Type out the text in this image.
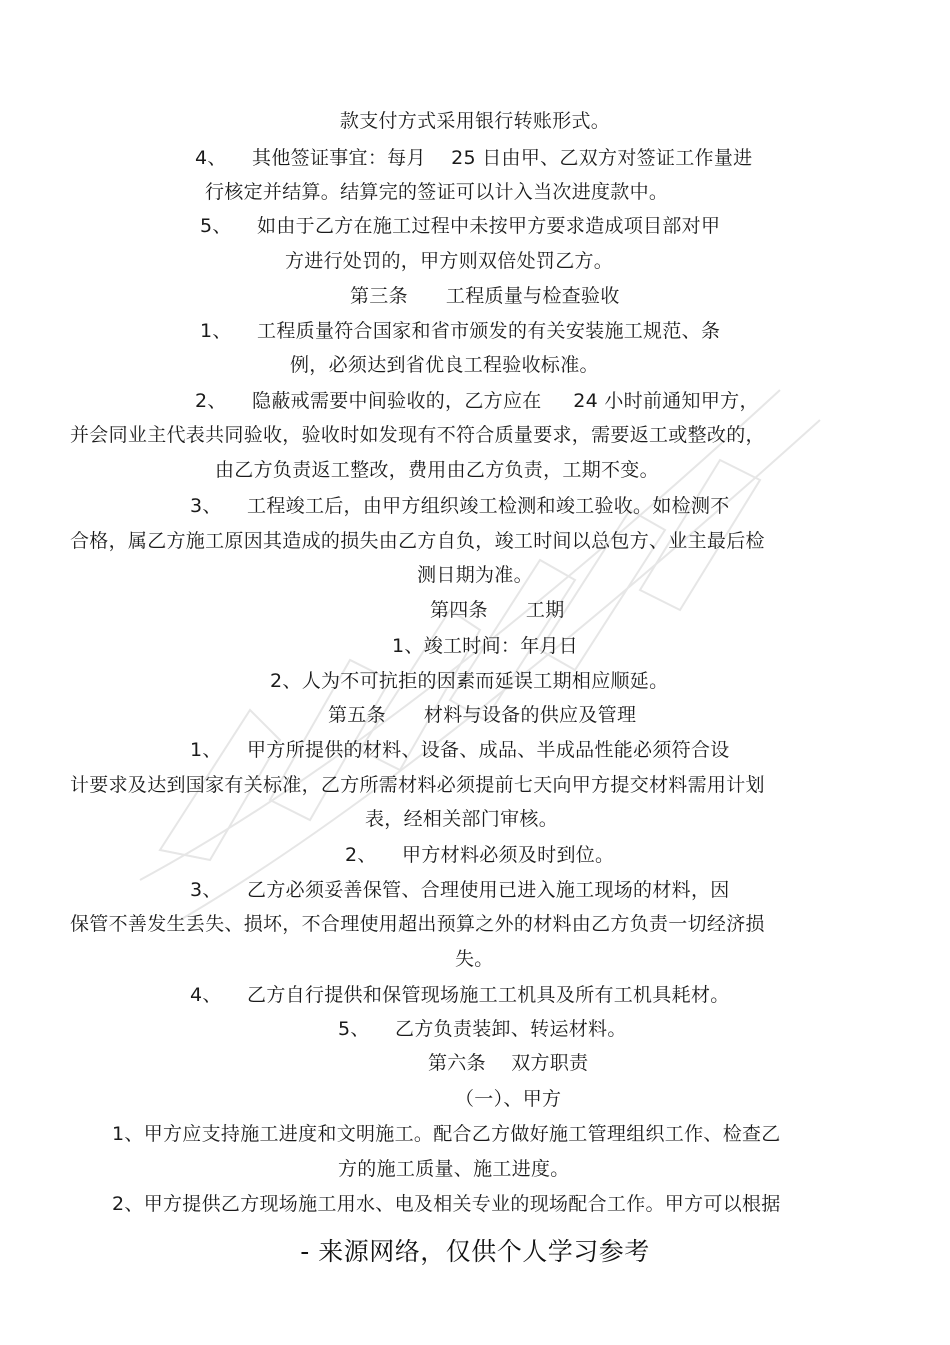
款支付方式采用银行转账形式。
4、    其他签证事宜：每月    25 日由甲、乙双方对签证工作量进
行核定并结算。结算完的签证可以计入当次进度款中。
5、    如由于乙方在施工过程中未按甲方要求造成项目部对甲
方进行处罚的，甲方则双倍处罚乙方。
第三条      工程质量与检查验收
1、    工程质量符合国家和省市颁发的有关安装施工规范、条
例，必须达到省优良工程验收标准。
2、    隐蔽戒需要中间验收的，乙方应在     24 小时前通知甲方，
并会同业主代表共同验收，验收时如发现有不符合质量要求，需要返工或整改的，
由乙方负责返工整改，费用由乙方负责，工期不变。
3、    工程竣工后，由甲方组织竣工检测和竣工验收。如检测不
合格，属乙方施工原因其造成的损失由乙方自负，竣工时间以总包方、业主最后检
测日期为准。
第四条      工期
1、竣工时间：年月日
2、人为不可抗拒的因素而延误工期相应顺延。
第五条      材料与设备的供应及管理
1、    甲方所提供的材料、设备、成品、半成品性能必须符合设
计要求及达到国家有关标准，乙方所需材料必须提前七天向甲方提交材料需用计划
表，经相关部门审核。
2、    甲方材料必须及时到位。
3、    乙方必须妥善保管、合理使用已进入施工现场的材料，因
保管不善发生丢失、损坏，不合理使用超出预算之外的材料由乙方负责一切经济损
失。
4、    乙方自行提供和保管现场施工工机具及所有工机具耗材。
5、    乙方负责装卸、转运材料。
第六条    双方职责
（一）、甲方
1、甲方应支持施工进度和文明施工。配合乙方做好施工管理组织工作、检查乙
方的施工质量、施工进度。
2、甲方提供乙方现场施工用水、电及相关专业的现场配合工作。甲方可以根据
- 来源网络，仅供个人学习参考
